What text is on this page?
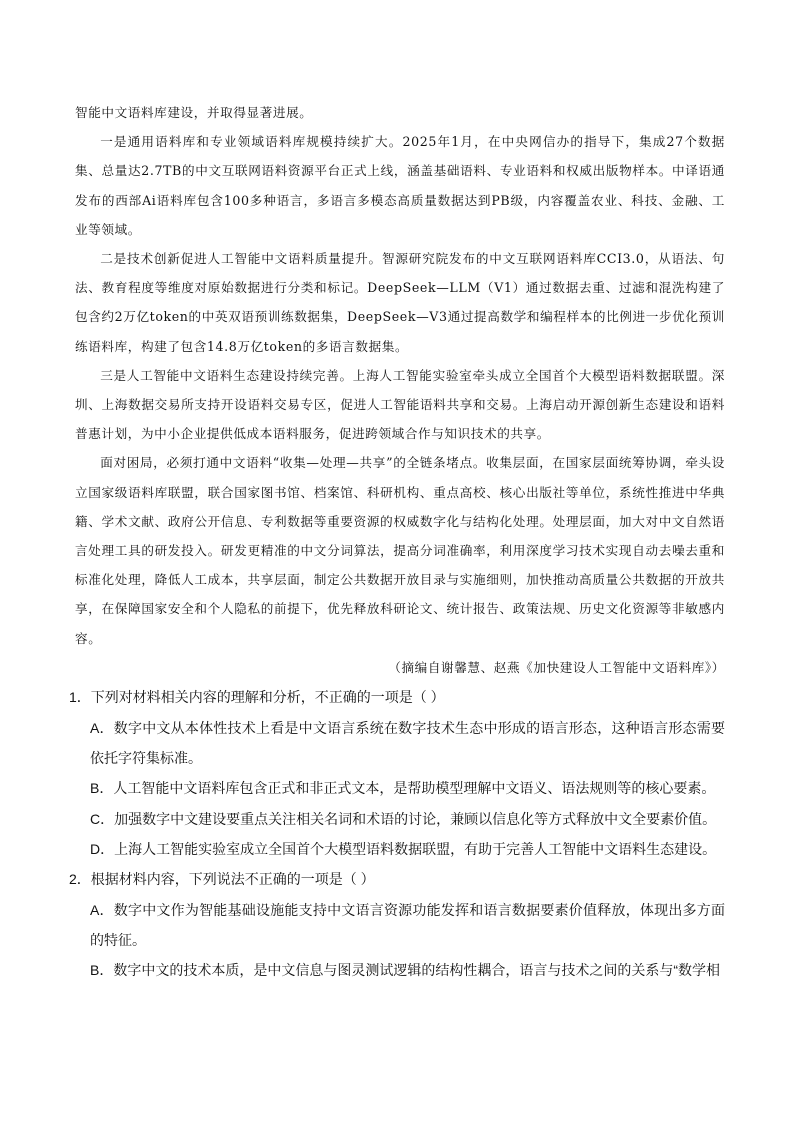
智能中文语料库建设，并取得显著进展。

一是通用语料库和专业领域语料库规模持续扩大。2025年1月，在中央网信办的指导下，集成27个数据集、总量达2.7TB的中文互联网语料资源平台正式上线，涵盖基础语料、专业语料和权威出版物样本。中译语通发布的西部Ai语料库包含100多种语言，多语言多模态高质量数据达到PB级，内容覆盖农业、科技、金融、工业等领域。

二是技术创新促进人工智能中文语料质量提升。智源研究院发布的中文互联网语料库CCI3.0，从语法、句法、教育程度等维度对原始数据进行分类和标记。DeepSeek—LLM（V1）通过数据去重、过滤和混洗构建了包含约2万亿token的中英双语预训练数据集，DeepSeek—V3通过提高数学和编程样本的比例进一步优化预训练语料库，构建了包含14.8万亿token的多语言数据集。

三是人工智能中文语料生态建设持续完善。上海人工智能实验室牵头成立全国首个大模型语料数据联盟。深圳、上海数据交易所支持开设语料交易专区，促进人工智能语料共享和交易。上海启动开源创新生态建设和语料普惠计划，为中小企业提供低成本语料服务，促进跨领域合作与知识技术的共享。

面对困局，必须打通中文语料“收集—处理—共享”的全链条堵点。收集层面，在国家层面统筹协调，牵头设立国家级语料库联盟，联合国家图书馆、档案馆、科研机构、重点高校、核心出版社等单位，系统性推进中华典籍、学术文献、政府公开信息、专利数据等重要资源的权威数字化与结构化处理。处理层面，加大对中文自然语言处理工具的研发投入。研发更精准的中文分词算法，提高分词准确率，利用深度学习技术实现自动去噪去重和标准化处理，降低人工成本，共享层面，制定公共数据开放目录与实施细则，加快推动高质量公共数据的开放共享，在保障国家安全和个人隐私的前提下，优先释放科研论文、统计报告、政策法规、历史文化资源等非敏感内容。

（摘编自谢馨慧、赵燕《加快建设人工智能中文语料库》）

1．下列对材料相关内容的理解和分析，不正确的一项是（ ）

A．数字中文从本体性技术上看是中文语言系统在数字技术生态中形成的语言形态，这种语言形态需要依托字符集标准。

B．人工智能中文语料库包含正式和非正式文本，是帮助模型理解中文语义、语法规则等的核心要素。

C．加强数字中文建设要重点关注相关名词和术语的讨论，兼顾以信息化等方式释放中文全要素价值。

D．上海人工智能实验室成立全国首个大模型语料数据联盟，有助于完善人工智能中文语料生态建设。

2．根据材料内容，下列说法不正确的一项是（ ）

A．数字中文作为智能基础设施能支持中文语言资源功能发挥和语言数据要素价值释放，体现出多方面的特征。

B．数字中文的技术本质，是中文信息与图灵测试逻辑的结构性耦合，语言与技术之间的关系与“数学相
